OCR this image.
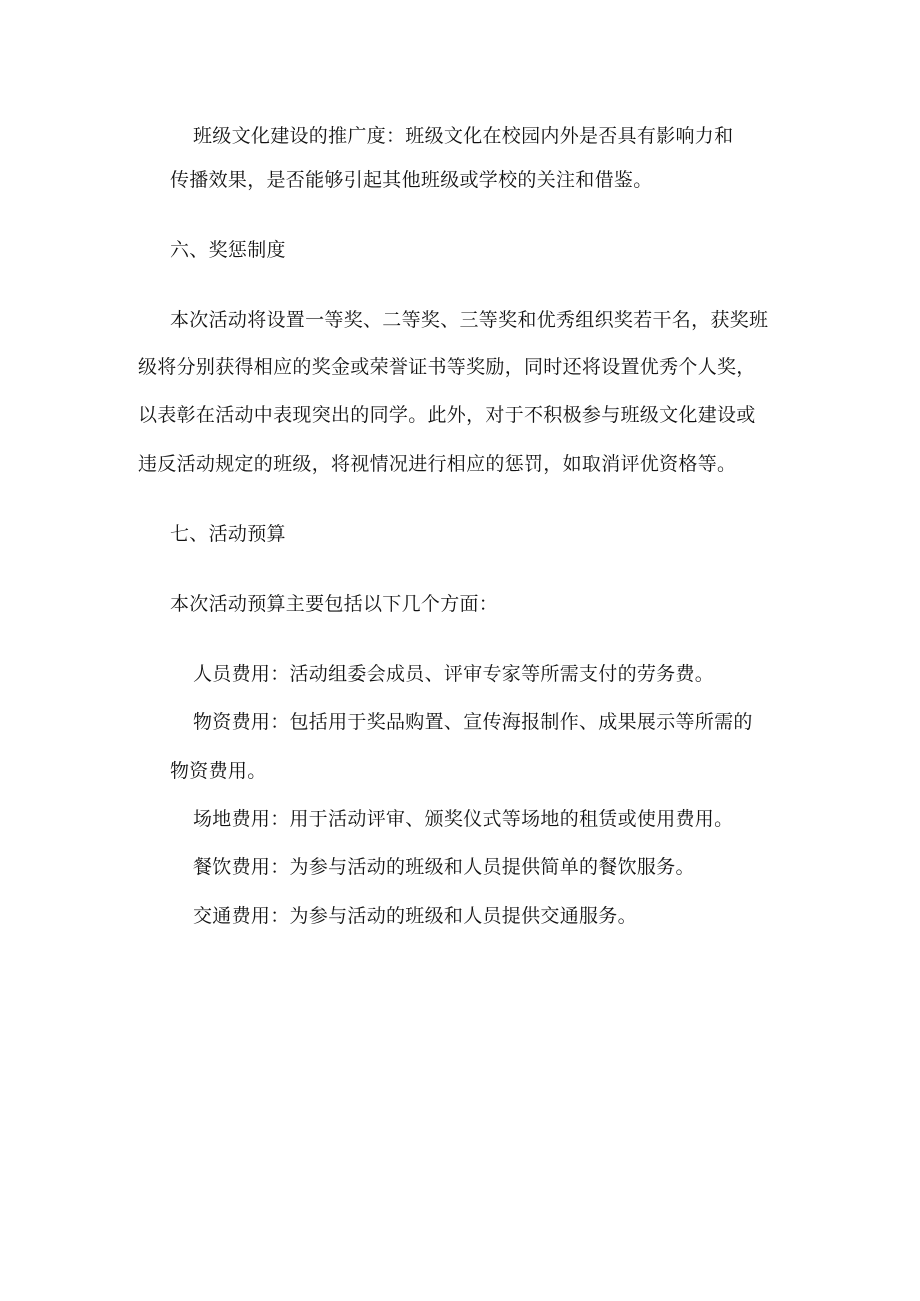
班级文化建设的推广度：班级文化在校园内外是否具有影响力和

传播效果，是否能够引起其他班级或学校的关注和借鉴。

六、奖惩制度

本次活动将设置一等奖、二等奖、三等奖和优秀组织奖若干名，获奖班

级将分别获得相应的奖金或荣誉证书等奖励，同时还将设置优秀个人奖，

以表彰在活动中表现突出的同学。此外，对于不积极参与班级文化建设或

违反活动规定的班级，将视情况进行相应的惩罚，如取消评优资格等。

七、活动预算

本次活动预算主要包括以下几个方面：

人员费用：活动组委会成员、评审专家等所需支付的劳务费。

物资费用：包括用于奖品购置、宣传海报制作、成果展示等所需的

物资费用。

场地费用：用于活动评审、颁奖仪式等场地的租赁或使用费用。

餐饮费用：为参与活动的班级和人员提供简单的餐饮服务。

交通费用：为参与活动的班级和人员提供交通服务。
